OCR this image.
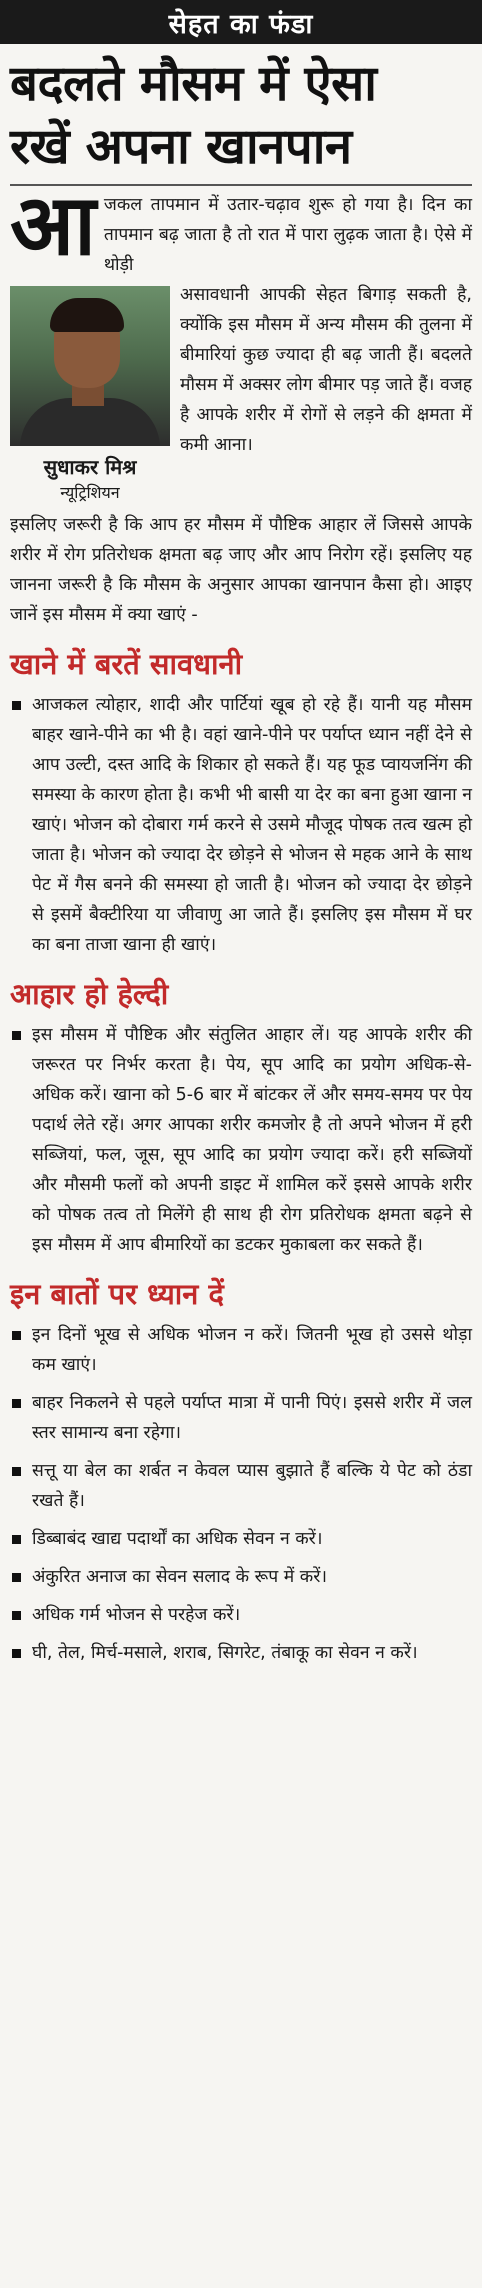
सेहत का फंडा
बदलते मौसम में ऐसा
रखें अपना खानपान

आजकल तापमान में उतार-चढ़ाव शुरू हो गया है। दिन का तापमान बढ़ जाता है तो रात में पारा लुढ़क जाता है। ऐसे में थोड़ी

सुधाकर मिश्र
न्यूट्रिशियन

असावधानी आपकी सेहत बिगाड़ सकती है, क्योंकि इस मौसम में अन्य मौसम की तुलना में बीमारियां कुछ ज्यादा ही बढ़ जाती हैं। बदलते मौसम में अक्सर लोग बीमार पड़ जाते हैं। वजह है आपके शरीर में रोगों से लड़ने की क्षमता में कमी आना।

इसलिए जरूरी है कि आप हर मौसम में पौष्टिक आहार लें जिससे आपके शरीर में रोग प्रतिरोधक क्षमता बढ़ जाए और आप निरोग रहें। इसलिए यह जानना जरूरी है कि मौसम के अनुसार आपका खानपान कैसा हो। आइए जानें इस मौसम में क्या खाएं -

खाने में बरतें सावधानी
आजकल त्योहार, शादी और पार्टियां खूब हो रहे हैं। यानी यह मौसम बाहर खाने-पीने का भी है। वहां खाने-पीने पर पर्याप्त ध्यान नहीं देने से आप उल्टी, दस्त आदि के शिकार हो सकते हैं। यह फूड प्वायजनिंग की समस्या के कारण होता है। कभी भी बासी या देर का बना हुआ खाना न खाएं। भोजन को दोबारा गर्म करने से उसमे मौजूद पोषक तत्व खत्म हो जाता है। भोजन को ज्यादा देर छोड़ने से भोजन से महक आने के साथ पेट में गैस बनने की समस्या हो जाती है। भोजन को ज्यादा देर छोड़ने से इसमें बैक्टीरिया या जीवाणु आ जाते हैं। इसलिए इस मौसम में घर का बना ताजा खाना ही खाएं।
आहार हो हेल्दी
इस मौसम में पौष्टिक और संतुलित आहार लें। यह आपके शरीर की जरूरत पर निर्भर करता है। पेय, सूप आदि का प्रयोग अधिक-से-अधिक करें। खाना को 5-6 बार में बांटकर लें और समय-समय पर पेय पदार्थ लेते रहें। अगर आपका शरीर कमजोर है तो अपने भोजन में हरी सब्जियां, फल, जूस, सूप आदि का प्रयोग ज्यादा करें। हरी सब्जियों और मौसमी फलों को अपनी डाइट में शामिल करें इससे आपके शरीर को पोषक तत्व तो मिलेंगे ही साथ ही रोग प्रतिरोधक क्षमता बढ़ने से इस मौसम में आप बीमारियों का डटकर मुकाबला कर सकते हैं।
इन बातों पर ध्यान दें
इन दिनों भूख से अधिक भोजन न करें। जितनी भूख हो उससे थोड़ा कम खाएं।
बाहर निकलने से पहले पर्याप्त मात्रा में पानी पिएं। इससे शरीर में जल स्तर सामान्य बना रहेगा।
सत्तू या बेल का शर्बत न केवल प्यास बुझाते हैं बल्कि ये पेट को ठंडा रखते हैं।
डिब्बाबंद खाद्य पदार्थों का अधिक सेवन न करें।
अंकुरित अनाज का सेवन सलाद के रूप में करें।
अधिक गर्म भोजन से परहेज करें।
घी, तेल, मिर्च-मसाले, शराब, सिगरेट, तंबाकू का सेवन न करें।
